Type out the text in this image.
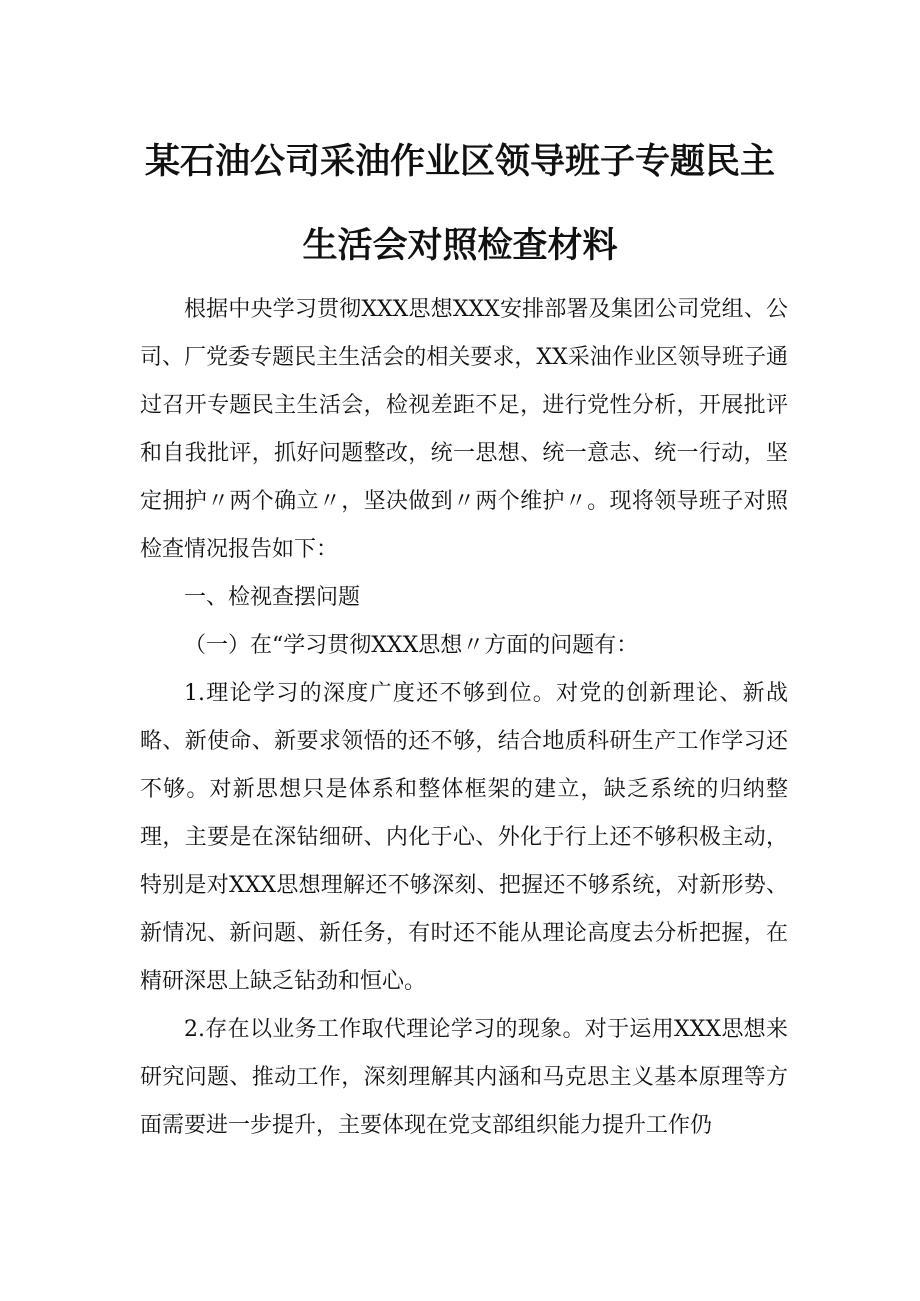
某石油公司采油作业区领导班子专题民主
生活会对照检查材料

根据中央学习贯彻XXX思想XXX安排部署及集团公司党组、公司、厂党委专题民主生活会的相关要求，XX采油作业区领导班子通过召开专题民主生活会，检视差距不足，进行党性分析，开展批评和自我批评，抓好问题整改，统一思想、统一意志、统一行动，坚定拥护〃两个确立〃，坚决做到〃两个维护〃。现将领导班子对照检查情况报告如下：

一、检视查摆问题

（一）在“学习贯彻XXX思想〃方面的问题有：

1.理论学习的深度广度还不够到位。对党的创新理论、新战略、新使命、新要求领悟的还不够，结合地质科研生产工作学习还不够。对新思想只是体系和整体框架的建立，缺乏系统的归纳整理，主要是在深钻细研、内化于心、外化于行上还不够积极主动，特别是对XXX思想理解还不够深刻、把握还不够系统，对新形势、新情况、新问题、新任务，有时还不能从理论高度去分析把握，在精研深思上缺乏钻劲和恒心。

2.存在以业务工作取代理论学习的现象。对于运用XXX思想来研究问题、推动工作，深刻理解其内涵和马克思主义基本原理等方面需要进一步提升，主要体现在党支部组织能力提升工作仍
